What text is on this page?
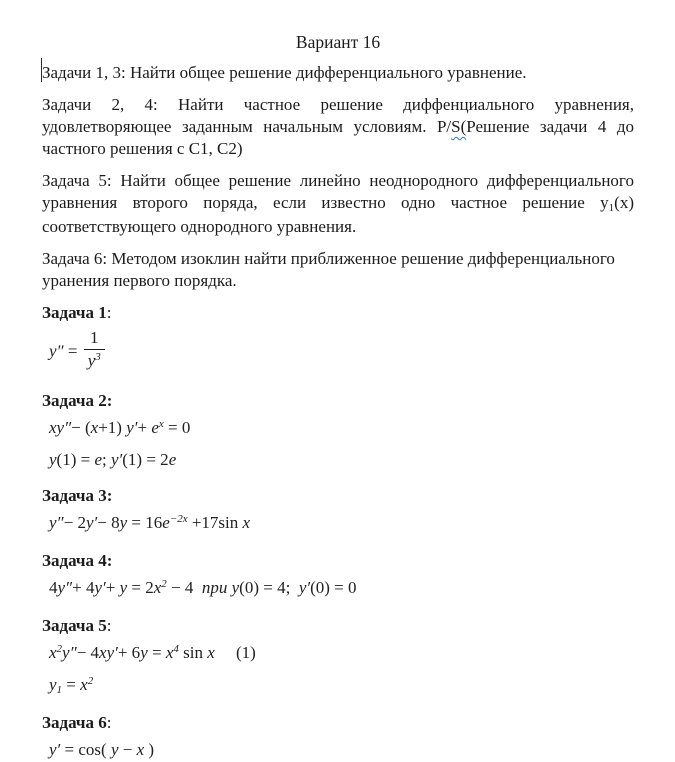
Вариант 16

Задачи 1, 3: Найти общее решение дифференциального уравнение.

Задачи 2, 4: Найти частное решение диффенциального уравнения, удовлетворяющее заданным начальным условиям. P/S(Решение задачи 4 до частного решения с C1, C2)

Задача 5: Найти общее решение линейно неоднородного дифференциального уравнения второго поряда, если известно одно частное решение y1(x) соответствующего однородного уравнения.

Задача 6: Методом изоклин найти приближенное решение дифференциального уранения первого порядка.

Задача 1:
$y'' = \frac{1}{y^3}$
Задача 2:
xy″− (x+1) $y'+ e^x = 0$
y(1) = e; y′(1) = 2e
Задача 3:
$y''- 2y'- 8y = 16e^{-2x} +17\sin$ x
Задача 4:
$4y''+ 4y'+ y = 2x^2 - 4$  при y(0) = 4;  y′(0) = 0
Задача 5:
$x^2y''- 4xy'+ 6y = x^4$ sin x     (1)
$y1 = x^2$
Задача 6:
y′ = cos( y − x )
